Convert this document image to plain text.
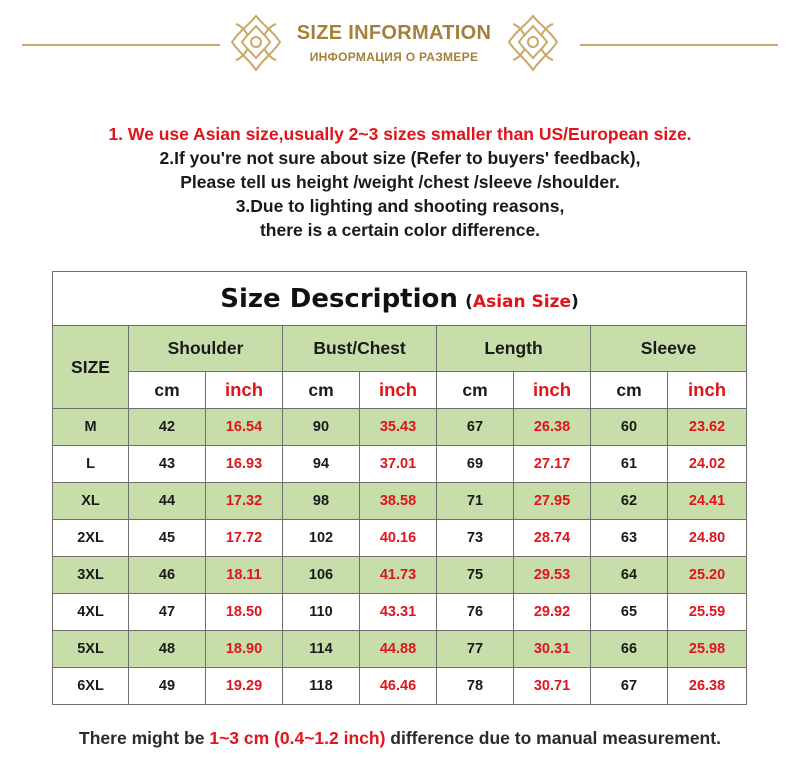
SIZE INFORMATION
ИНФОРМАЦИЯ О РАЗМЕРЕ
1. We use Asian size,usually 2~3 sizes smaller than US/European size.
2.If you're not sure about size (Refer to buyers' feedback),
Please tell us height /weight /chest /sleeve /shoulder.
3.Due to lighting and shooting reasons,
there is a certain color difference.
Size Description (Asian Size)								
SIZE	Shoulder		Bust/Chest		Length		Sleeve	
	cm	inch	cm	inch	cm	inch	cm	inch
M	42	16.54	90	35.43	67	26.38	60	23.62
L	43	16.93	94	37.01	69	27.17	61	24.02
XL	44	17.32	98	38.58	71	27.95	62	24.41
2XL	45	17.72	102	40.16	73	28.74	63	24.80
3XL	46	18.11	106	41.73	75	29.53	64	25.20
4XL	47	18.50	110	43.31	76	29.92	65	25.59
5XL	48	18.90	114	44.88	77	30.31	66	25.98
6XL	49	19.29	118	46.46	78	30.71	67	26.38
There might be 1~3 cm (0.4~1.2 inch) difference due to manual measurement.
